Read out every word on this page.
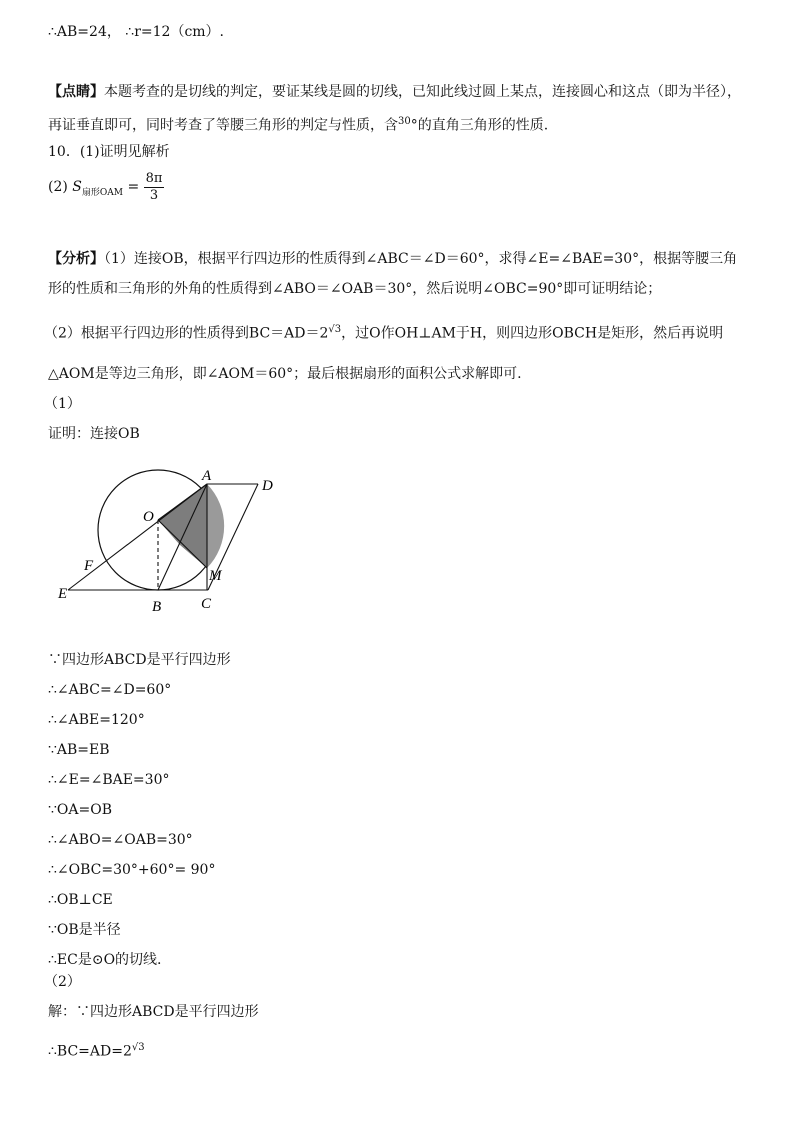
∴AB=24， ∴r=12（cm）.
【点睛】本题考查的是切线的判定，要证某线是圆的切线，已知此线过圆上某点，连接圆心和这点（即为半径），
再证垂直即可，同时考查了等腰三角形的判定与性质，含$^{30}$°的直角三角形的性质.
10．(1)证明见解析
(2) $S_{扇形OAM} = \frac{8\pi}{3}$
【分析】（1）连接OB，根据平行四边形的性质得到∠ABC＝∠D＝60°，求得∠E=∠BAE=30°，根据等腰三角形的性质和三角形的外角的性质得到∠ABO＝∠OAB＝30°，然后说明∠OBC=90°即可证明结论；
（2）根据平行四边形的性质得到$BC=AD=2^{√3}$，过O作OH⊥AM于H，则四边形OBCH是矩形，然后再说明
△AOM是等边三角形，即∠AOM＝60°；最后根据扇形的面积公式求解即可.
（1）
证明：连接OB
A
D
O
F
M
E
B	C
∵四边形ABCD是平行四边形
∴∠ABC=∠D=60°
∴∠ABE=120°
∵AB=EB
∴∠E=∠BAE=30°
∵OA=OB
∴∠ABO=∠OAB=30°
∴∠OBC=30°+60°= 90°
∴OB⊥CE
∵OB是半径
∴EC是⊙O的切线.
（2）
解：∵四边形ABCD是平行四边形
$\therefore BC=AD=2^{√3}$
